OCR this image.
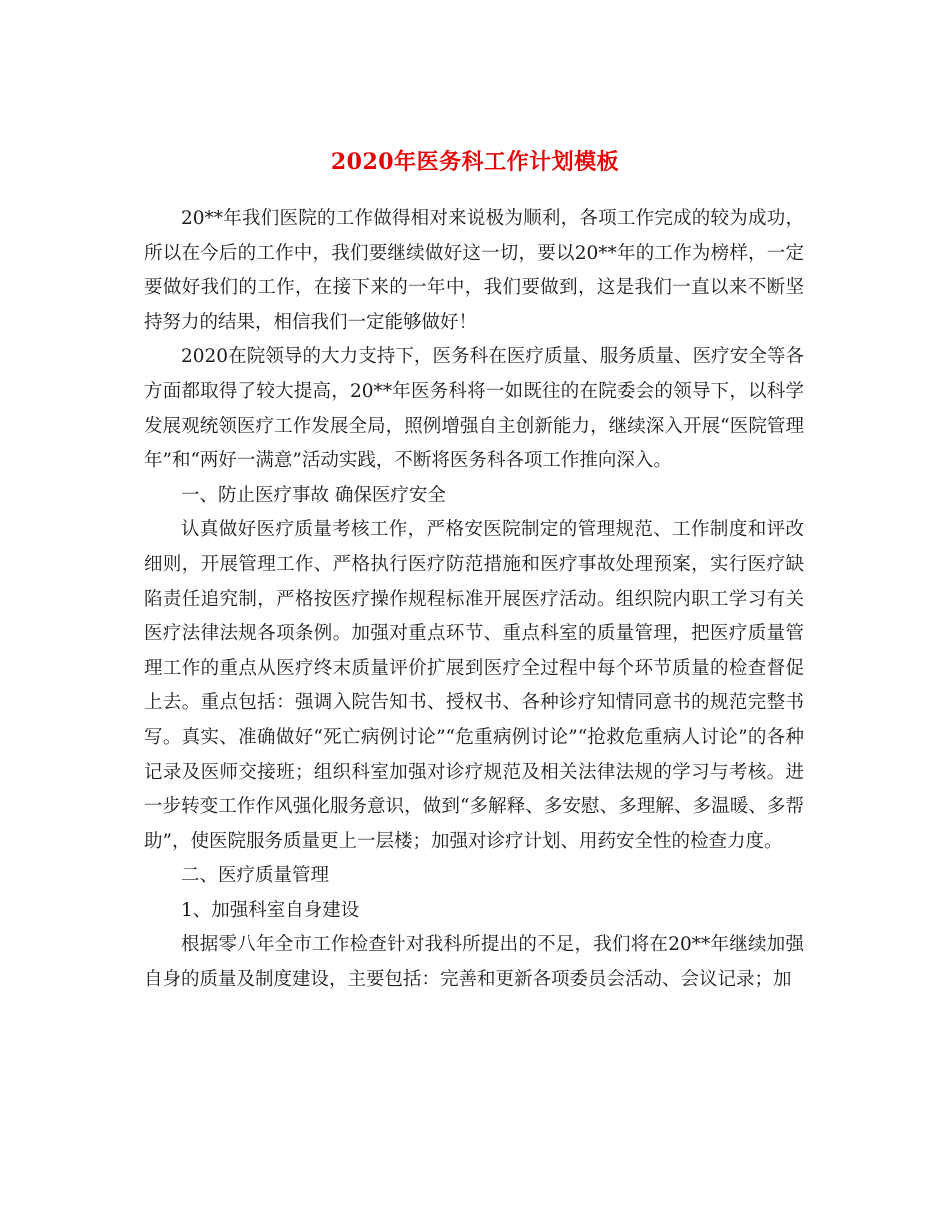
2020年医务科工作计划模板

20**年我们医院的工作做得相对来说极为顺利，各项工作完成的较为成功，所以在今后的工作中，我们要继续做好这一切，要以20**年的工作为榜样，一定要做好我们的工作，在接下来的一年中，我们要做到，这是我们一直以来不断坚持努力的结果，相信我们一定能够做好！

2020在院领导的大力支持下，医务科在医疗质量、服务质量、医疗安全等各方面都取得了较大提高，20**年医务科将一如既往的在院委会的领导下，以科学发展观统领医疗工作发展全局，照例增强自主创新能力，继续深入开展“医院管理年”和“两好一满意”活动实践，不断将医务科各项工作推向深入。

一、防止医疗事故 确保医疗安全

认真做好医疗质量考核工作，严格安医院制定的管理规范、工作制度和评改细则，开展管理工作、严格执行医疗防范措施和医疗事故处理预案，实行医疗缺陷责任追究制，严格按医疗操作规程标准开展医疗活动。组织院内职工学习有关医疗法律法规各项条例。加强对重点环节、重点科室的质量管理，把医疗质量管理工作的重点从医疗终末质量评价扩展到医疗全过程中每个环节质量的检查督促上去。重点包括：强调入院告知书、授权书、各种诊疗知情同意书的规范完整书写。真实、准确做好“死亡病例讨论”“危重病例讨论”“抢救危重病人讨论”的各种记录及医师交接班；组织科室加强对诊疗规范及相关法律法规的学习与考核。进一步转变工作作风强化服务意识，做到“多解释、多安慰、多理解、多温暖、多帮助”，使医院服务质量更上一层楼；加强对诊疗计划、用药安全性的检查力度。

二、医疗质量管理

1、加强科室自身建设

根据零八年全市工作检查针对我科所提出的不足，我们将在20**年继续加强自身的质量及制度建设，主要包括：完善和更新各项委员会活动、会议记录；加
